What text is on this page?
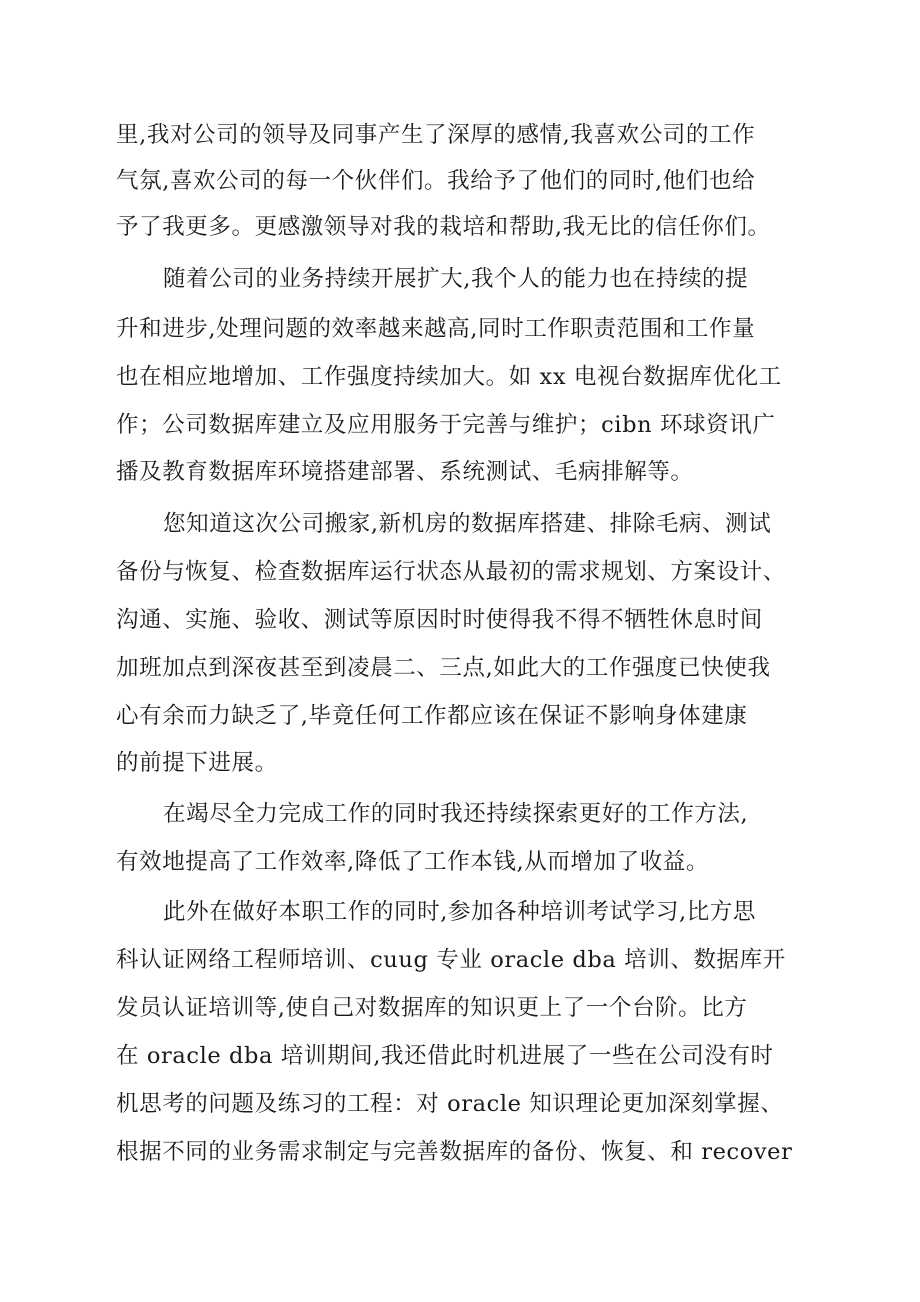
里,我对公司的领导及同事产生了深厚的感情,我喜欢公司的工作
气氛,喜欢公司的每一个伙伴们。我给予了他们的同时,他们也给
予了我更多。更感激领导对我的栽培和帮助,我无比的信任你们。
随着公司的业务持续开展扩大,我个人的能力也在持续的提
升和进步,处理问题的效率越来越高,同时工作职责范围和工作量
也在相应地增加、工作强度持续加大。如 xx 电视台数据库优化工
作；公司数据库建立及应用服务于完善与维护；cibn 环球资讯广
播及教育数据库环境搭建部署、系统测试、毛病排解等。
您知道这次公司搬家,新机房的数据库搭建、排除毛病、测试
备份与恢复、检查数据库运行状态从最初的需求规划、方案设计、
沟通、实施、验收、测试等原因时时使得我不得不牺牲休息时间
加班加点到深夜甚至到凌晨二、三点,如此大的工作强度已快使我
心有余而力缺乏了,毕竟任何工作都应该在保证不影响身体建康
的前提下进展。
在竭尽全力完成工作的同时我还持续探索更好的工作方法,
有效地提高了工作效率,降低了工作本钱,从而增加了收益。
此外在做好本职工作的同时,参加各种培训考试学习,比方思
科认证网络工程师培训、cuug 专业 oracle dba 培训、数据库开
发员认证培训等,使自己对数据库的知识更上了一个台阶。比方
在 oracle dba 培训期间,我还借此时机进展了一些在公司没有时
机思考的问题及练习的工程：对 oracle 知识理论更加深刻掌握、
根据不同的业务需求制定与完善数据库的备份、恢复、和 recover
